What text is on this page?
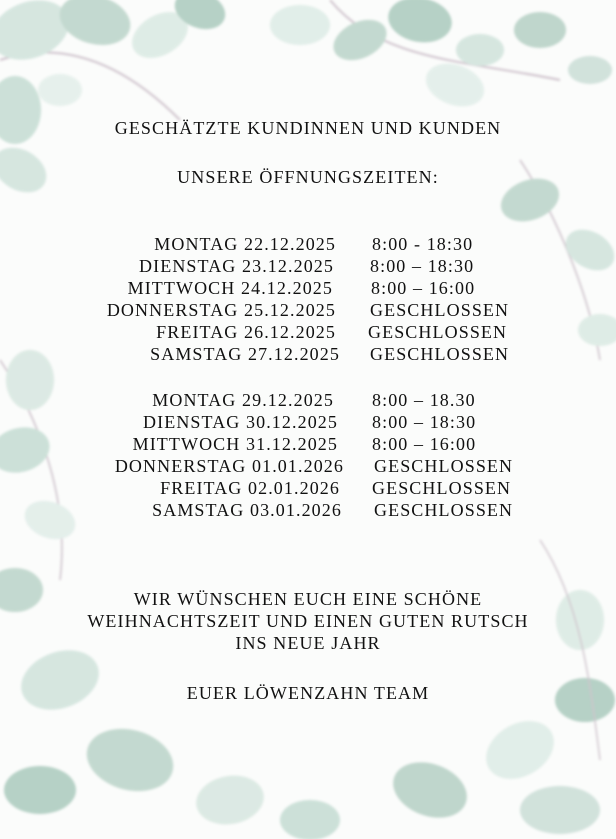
GESCHÄTZTE KUNDINNEN UND KUNDEN
UNSERE ÖFFNUNGSZEITEN:
MONTAG 22.12.2025 8:00 - 18:30
DIENSTAG 23.12.2025 8:00 – 18:30
MITTWOCH 24.12.2025 8:00 – 16:00
DONNERSTAG 25.12.2025 GESCHLOSSEN
FREITAG 26.12.2025 GESCHLOSSEN
SAMSTAG 27.12.2025 GESCHLOSSEN
MONTAG 29.12.2025 8:00 – 18.30
DIENSTAG 30.12.2025 8:00 – 18:30
MITTWOCH 31.12.2025 8:00 – 16:00
DONNERSTAG 01.01.2026 GESCHLOSSEN
FREITAG 02.01.2026 GESCHLOSSEN
SAMSTAG 03.01.2026 GESCHLOSSEN
WIR WÜNSCHEN EUCH EINE SCHÖNE
WEIHNACHTSZEIT UND EINEN GUTEN RUTSCH
INS NEUE JAHR
EUER LÖWENZAHN TEAM
